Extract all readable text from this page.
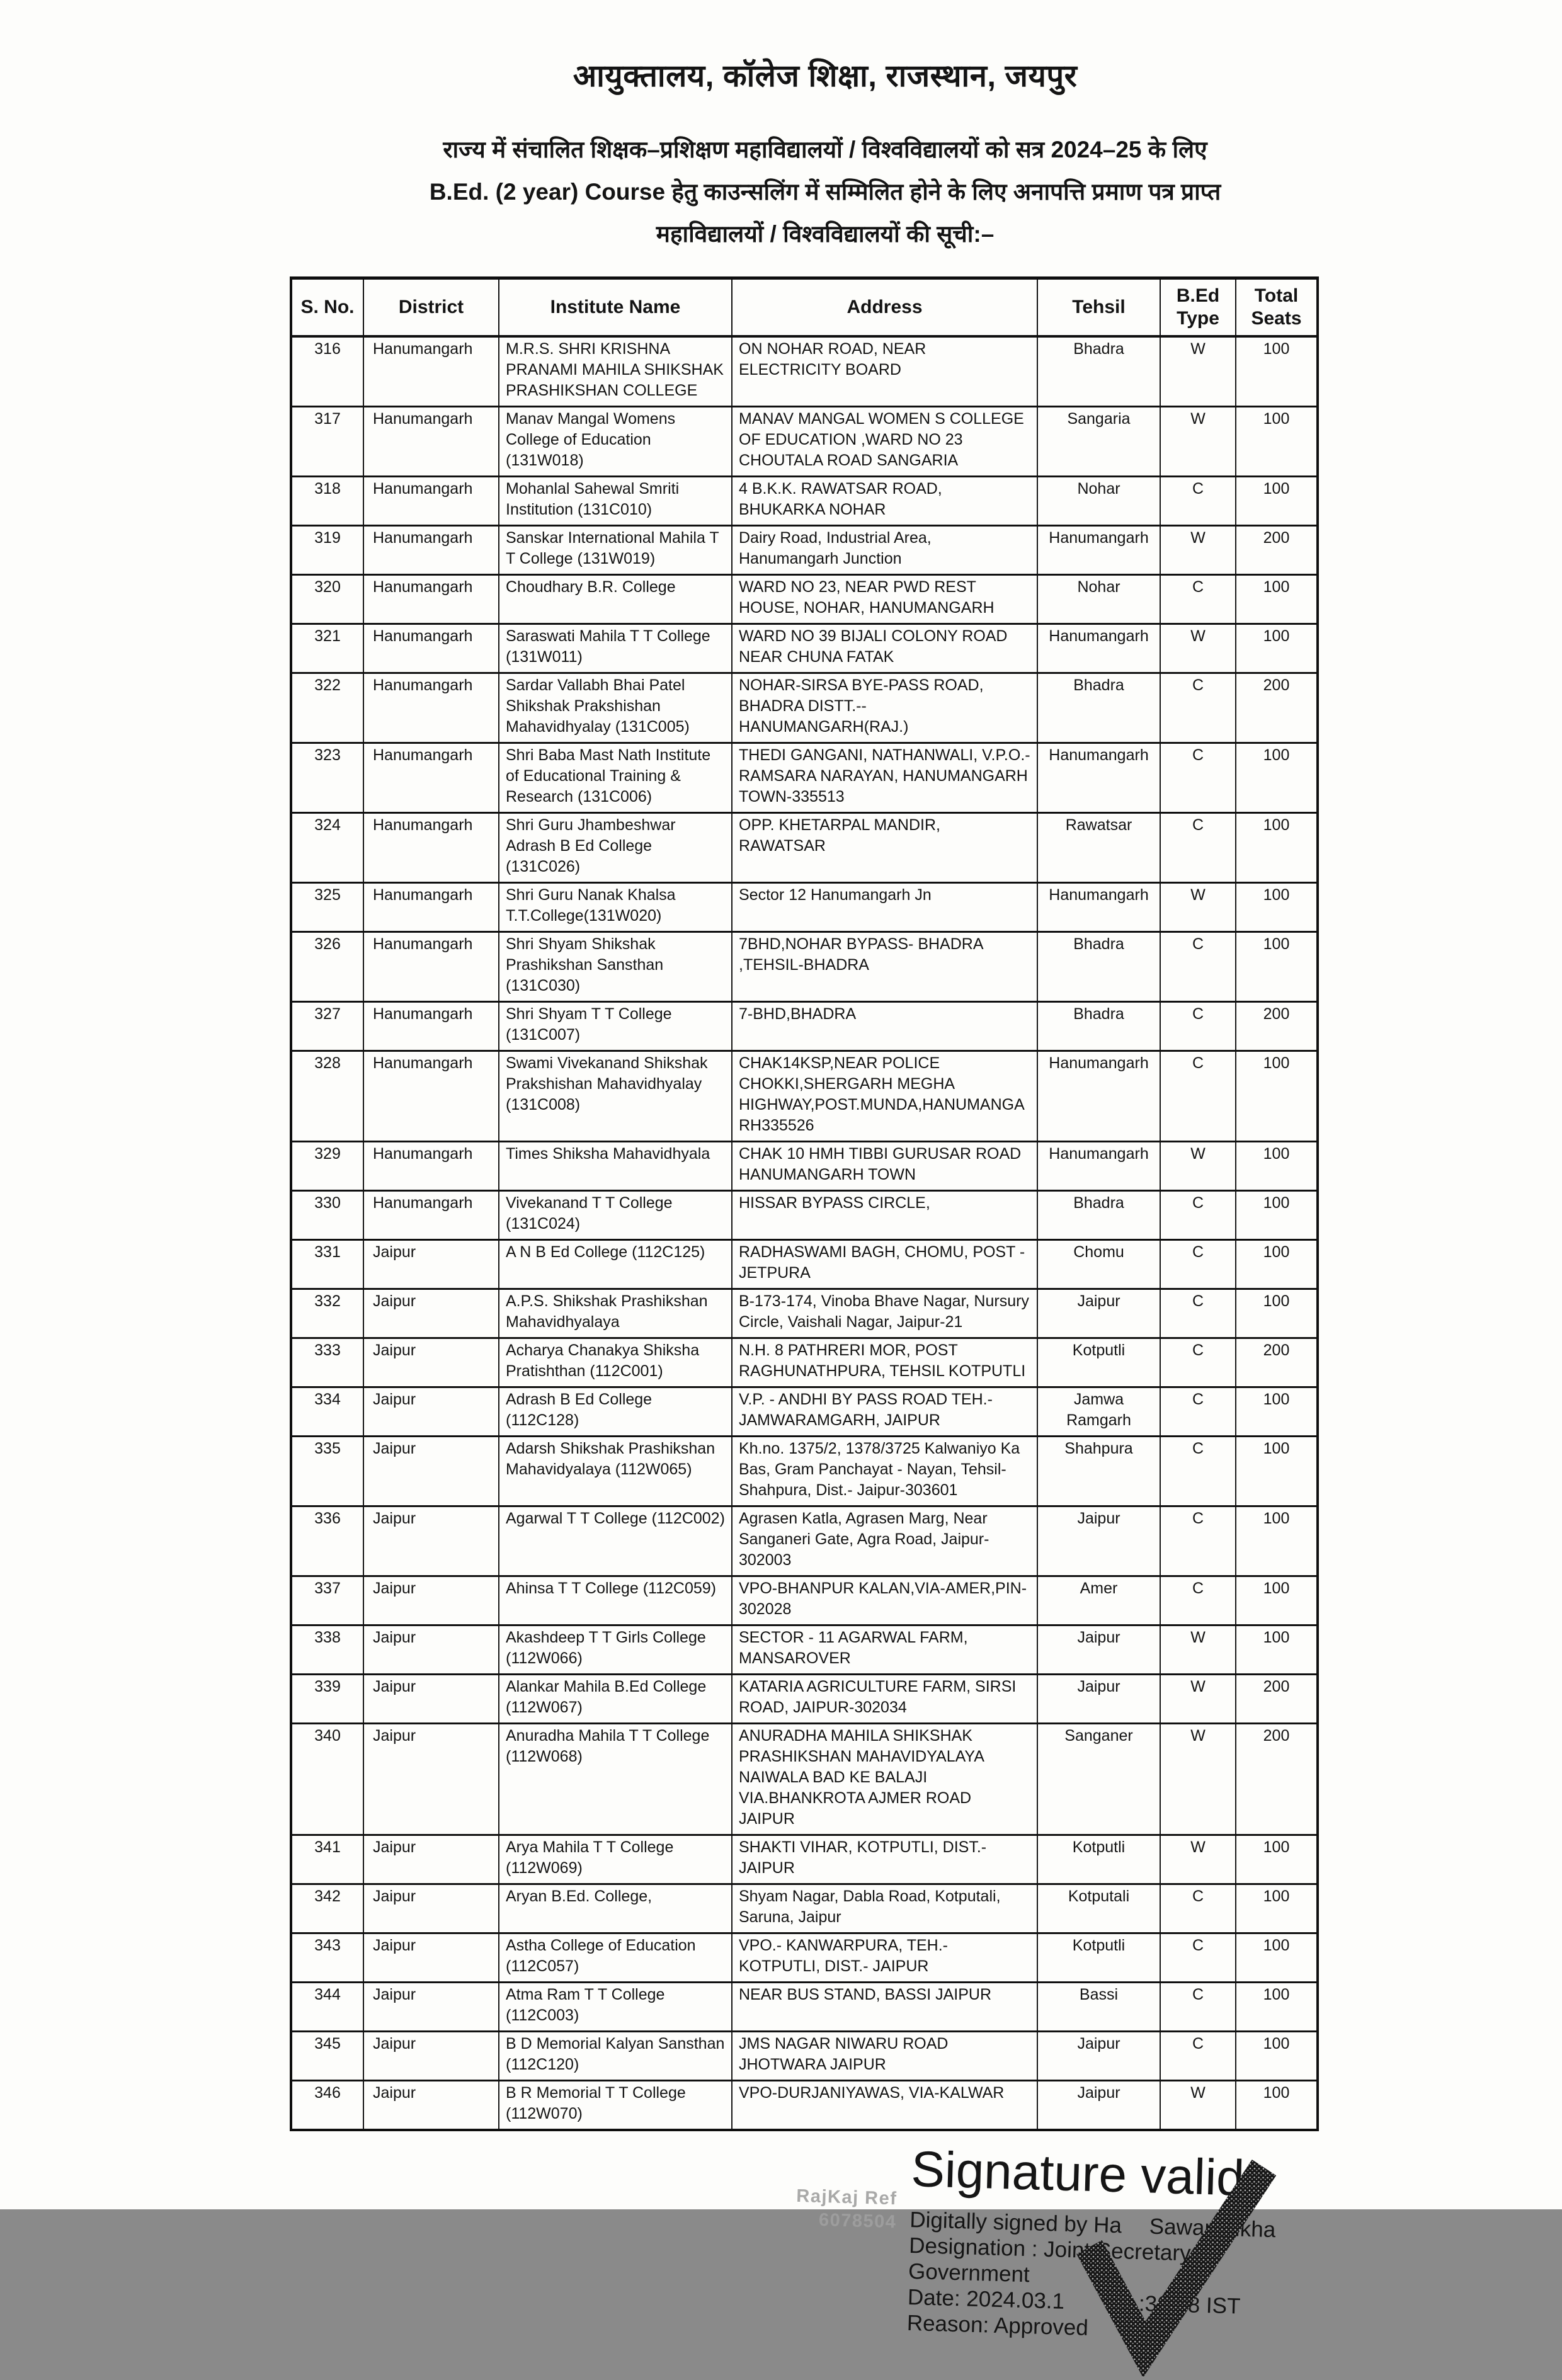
आयुक्तालय, कॉलेज शिक्षा, राजस्थान, जयपुर
राज्य में संचालित शिक्षक–प्रशिक्षण महाविद्यालयों / विश्वविद्यालयों को सत्र 2024–25 के लिए
B.Ed. (2 year) Course हेतु काउन्सलिंग में सम्मिलित होने के लिए अनापत्ति प्रमाण पत्र प्राप्त
महाविद्यालयों / विश्वविद्यालयों की सूची:–
S. No.	District	Institute Name	Address	Tehsil	B.Ed Type	Total Seats
316	Hanumangarh	M.R.S. SHRI KRISHNA PRANAMI MAHILA SHIKSHAK PRASHIKSHAN COLLEGE	ON NOHAR ROAD, NEAR ELECTRICITY BOARD	Bhadra	W	100
317	Hanumangarh	Manav Mangal Womens College of Education (131W018)	MANAV MANGAL WOMEN S COLLEGE OF EDUCATION ,WARD NO 23 CHOUTALA ROAD SANGARIA	Sangaria	W	100
318	Hanumangarh	Mohanlal Sahewal Smriti Institution (131C010)	4 B.K.K. RAWATSAR ROAD, BHUKARKA NOHAR	Nohar	C	100
319	Hanumangarh	Sanskar International Mahila T T College (131W019)	Dairy Road, Industrial Area, Hanumangarh Junction	Hanumangarh	W	200
320	Hanumangarh	Choudhary B.R. College	WARD NO 23, NEAR PWD REST HOUSE, NOHAR, HANUMANGARH	Nohar	C	100
321	Hanumangarh	Saraswati Mahila T T College (131W011)	WARD NO 39 BIJALI COLONY ROAD NEAR CHUNA FATAK	Hanumangarh	W	100
322	Hanumangarh	Sardar Vallabh Bhai Patel Shikshak Prakshishan Mahavidhyalay (131C005)	NOHAR-SIRSA BYE-PASS ROAD, BHADRA DISTT.-- HANUMANGARH(RAJ.)	Bhadra	C	200
323	Hanumangarh	Shri Baba Mast Nath Institute of Educational Training & Research (131C006)	THEDI GANGANI, NATHANWALI, V.P.O.- RAMSARA NARAYAN, HANUMANGARH TOWN-335513	Hanumangarh	C	100
324	Hanumangarh	Shri Guru Jhambeshwar Adrash B Ed College (131C026)	OPP. KHETARPAL MANDIR, RAWATSAR	Rawatsar	C	100
325	Hanumangarh	Shri Guru Nanak Khalsa T.T.College(131W020)	Sector 12 Hanumangarh Jn	Hanumangarh	W	100
326	Hanumangarh	Shri Shyam Shikshak Prashikshan Sansthan (131C030)	7BHD,NOHAR BYPASS- BHADRA ,TEHSIL-BHADRA	Bhadra	C	100
327	Hanumangarh	Shri Shyam T T College (131C007)	7-BHD,BHADRA	Bhadra	C	200
328	Hanumangarh	Swami Vivekanand Shikshak Prakshishan Mahavidhyalay (131C008)	CHAK14KSP,NEAR POLICE CHOKKI,SHERGARH MEGHA HIGHWAY,POST.MUNDA,HANUMANGARH335526	Hanumangarh	C	100
329	Hanumangarh	Times Shiksha Mahavidhyala	CHAK 10 HMH TIBBI GURUSAR ROAD HANUMANGARH TOWN	Hanumangarh	W	100
330	Hanumangarh	Vivekanand T T College (131C024)	HISSAR BYPASS CIRCLE,	Bhadra	C	100
331	Jaipur	A N B Ed College (112C125)	RADHASWAMI BAGH, CHOMU, POST - JETPURA	Chomu	C	100
332	Jaipur	A.P.S. Shikshak Prashikshan Mahavidhyalaya	B-173-174, Vinoba Bhave Nagar, Nursury Circle, Vaishali Nagar, Jaipur-21	Jaipur	C	100
333	Jaipur	Acharya Chanakya Shiksha Pratishthan (112C001)	N.H. 8 PATHRERI MOR, POST RAGHUNATHPURA, TEHSIL KOTPUTLI	Kotputli	C	200
334	Jaipur	Adrash B Ed College (112C128)	V.P. - ANDHI BY PASS ROAD TEH.- JAMWARAMGARH, JAIPUR	Jamwa Ramgarh	C	100
335	Jaipur	Adarsh Shikshak Prashikshan Mahavidyalaya (112W065)	Kh.no. 1375/2, 1378/3725 Kalwaniyo Ka Bas, Gram Panchayat - Nayan, Tehsil- Shahpura, Dist.- Jaipur-303601	Shahpura	C	100
336	Jaipur	Agarwal T T College (112C002)	Agrasen Katla, Agrasen Marg, Near Sanganeri Gate, Agra Road, Jaipur-302003	Jaipur	C	100
337	Jaipur	Ahinsa T T College (112C059)	VPO-BHANPUR KALAN,VIA-AMER,PIN-302028	Amer	C	100
338	Jaipur	Akashdeep T T Girls College (112W066)	SECTOR - 11 AGARWAL FARM, MANSAROVER	Jaipur	W	100
339	Jaipur	Alankar Mahila B.Ed College (112W067)	KATARIA AGRICULTURE FARM, SIRSI ROAD, JAIPUR-302034	Jaipur	W	200
340	Jaipur	Anuradha Mahila T T College (112W068)	ANURADHA MAHILA SHIKSHAK PRASHIKSHAN MAHAVIDYALAYA NAIWALA BAD KE BALAJI VIA.BHANKROTA AJMER ROAD JAIPUR	Sanganer	W	200
341	Jaipur	Arya Mahila T T College (112W069)	SHAKTI VIHAR, KOTPUTLI, DIST.- JAIPUR	Kotputli	W	100
342	Jaipur	Aryan B.Ed. College,	Shyam Nagar, Dabla Road, Kotputali, Saruna, Jaipur	Kotputali	C	100
343	Jaipur	Astha College of Education (112C057)	VPO.- KANWARPURA, TEH.- KOTPUTLI, DIST.- JAIPUR	Kotputli	C	100
344	Jaipur	Atma Ram T T College (112C003)	NEAR BUS STAND, BASSI JAIPUR	Bassi	C	100
345	Jaipur	B D Memorial Kalyan Sansthan (112C120)	JMS NAGAR NIWARU ROAD JHOTWARA JAIPUR	Jaipur	C	100
346	Jaipur	B R Memorial T T College (112W070)	VPO-DURJANIYAWAS, VIA-KALWAR	Jaipur	W	100
RajKaj Ref
6078504
Signature valid
Digitally signed by Ha Sawansukha
Designation : Joint Secretary To
Government
Date: 2024.03.1	:30:58 IST
Reason: Approved
